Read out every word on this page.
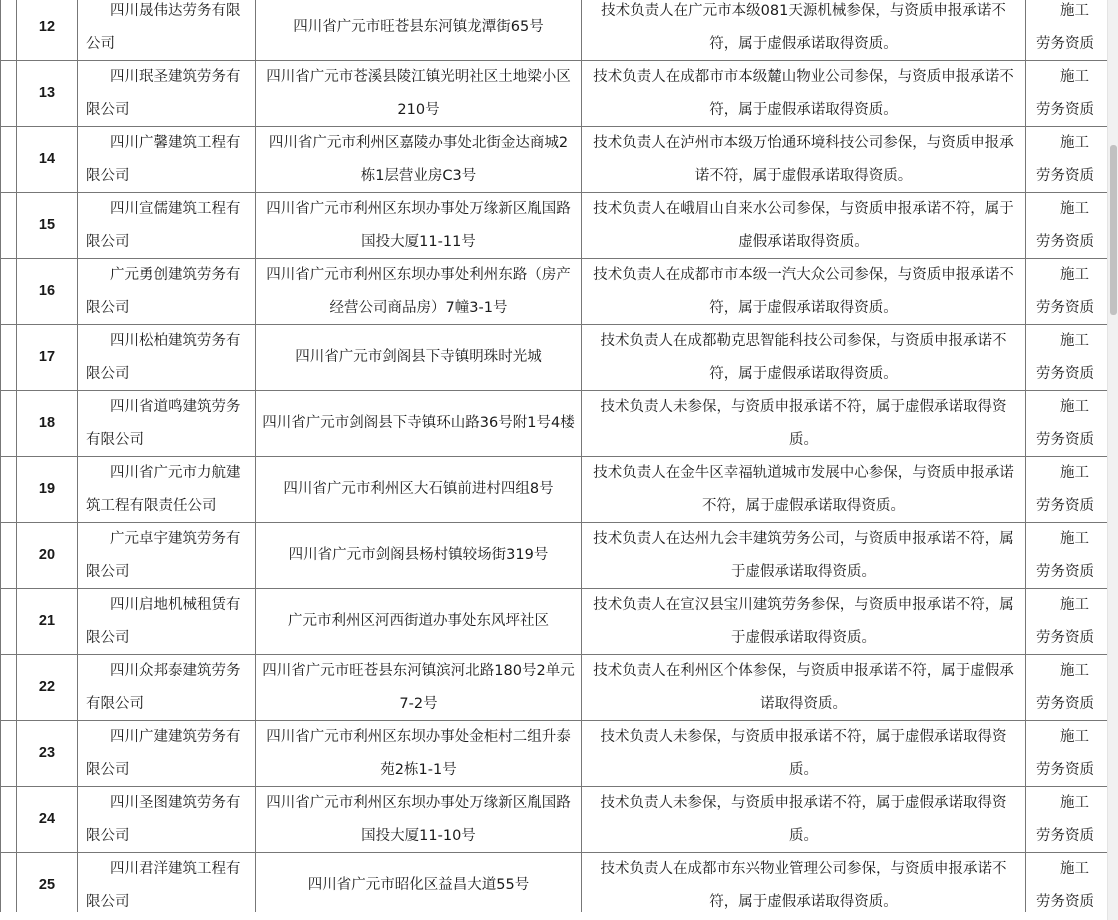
	12	四川晟伟达劳务有限公司	四川省广元市旺苍县东河镇龙潭街65号	技术负责人在广元市本级081天源机械参保，与资质申报承诺不符，属于虚假承诺取得资质。	施工劳务资质

	13	四川珉圣建筑劳务有限公司	四川省广元市苍溪县陵江镇光明社区土地梁小区210号	技术负责人在成都市市本级麓山物业公司参保，与资质申报承诺不符，属于虚假承诺取得资质。	施工劳务资质

	14	四川广馨建筑工程有限公司	四川省广元市利州区嘉陵办事处北街金达商城2栋1层营业房C3号	技术负责人在泸州市本级万怡通环境科技公司参保，与资质申报承诺不符，属于虚假承诺取得资质。	施工劳务资质

	15	四川宣儒建筑工程有限公司	四川省广元市利州区东坝办事处万缘新区胤国路国投大厦11-11号	技术负责人在峨眉山自来水公司参保，与资质申报承诺不符，属于虚假承诺取得资质。	施工劳务资质

	16	广元勇创建筑劳务有限公司	四川省广元市利州区东坝办事处利州东路（房产经营公司商品房）7幢3-1号	技术负责人在成都市市本级一汽大众公司参保，与资质申报承诺不符，属于虚假承诺取得资质。	施工劳务资质

	17	四川松柏建筑劳务有限公司	四川省广元市剑阁县下寺镇明珠时光城	技术负责人在成都勒克思智能科技公司参保，与资质申报承诺不符，属于虚假承诺取得资质。	施工劳务资质

	18	四川省道鸣建筑劳务有限公司	四川省广元市剑阁县下寺镇环山路36号附1号4楼	技术负责人未参保，与资质申报承诺不符，属于虚假承诺取得资质。	施工劳务资质

	19	四川省广元市力航建筑工程有限责任公司	四川省广元市利州区大石镇前进村四组8号	技术负责人在金牛区幸福轨道城市发展中心参保，与资质申报承诺不符，属于虚假承诺取得资质。	施工劳务资质

	20	广元卓宇建筑劳务有限公司	四川省广元市剑阁县杨村镇较场街319号	技术负责人在达州九会丰建筑劳务公司，与资质申报承诺不符，属于虚假承诺取得资质。	施工劳务资质

	21	四川启地机械租赁有限公司	广元市利州区河西街道办事处东风坪社区	技术负责人在宣汉县宝川建筑劳务参保，与资质申报承诺不符，属于虚假承诺取得资质。	施工劳务资质

	22	四川众邦泰建筑劳务有限公司	四川省广元市旺苍县东河镇滨河北路180号2单元7-2号	技术负责人在利州区个体参保，与资质申报承诺不符，属于虚假承诺取得资质。	施工劳务资质

	23	四川广建建筑劳务有限公司	四川省广元市利州区东坝办事处金柜村二组升泰苑2栋1-1号	技术负责人未参保，与资质申报承诺不符，属于虚假承诺取得资质。	施工劳务资质

	24	四川圣图建筑劳务有限公司	四川省广元市利州区东坝办事处万缘新区胤国路国投大厦11-10号	技术负责人未参保，与资质申报承诺不符，属于虚假承诺取得资质。	施工劳务资质

	25	四川君洋建筑工程有限公司	四川省广元市昭化区益昌大道55号	技术负责人在成都市东兴物业管理公司参保，与资质申报承诺不符，属于虚假承诺取得资质。	施工劳务资质
